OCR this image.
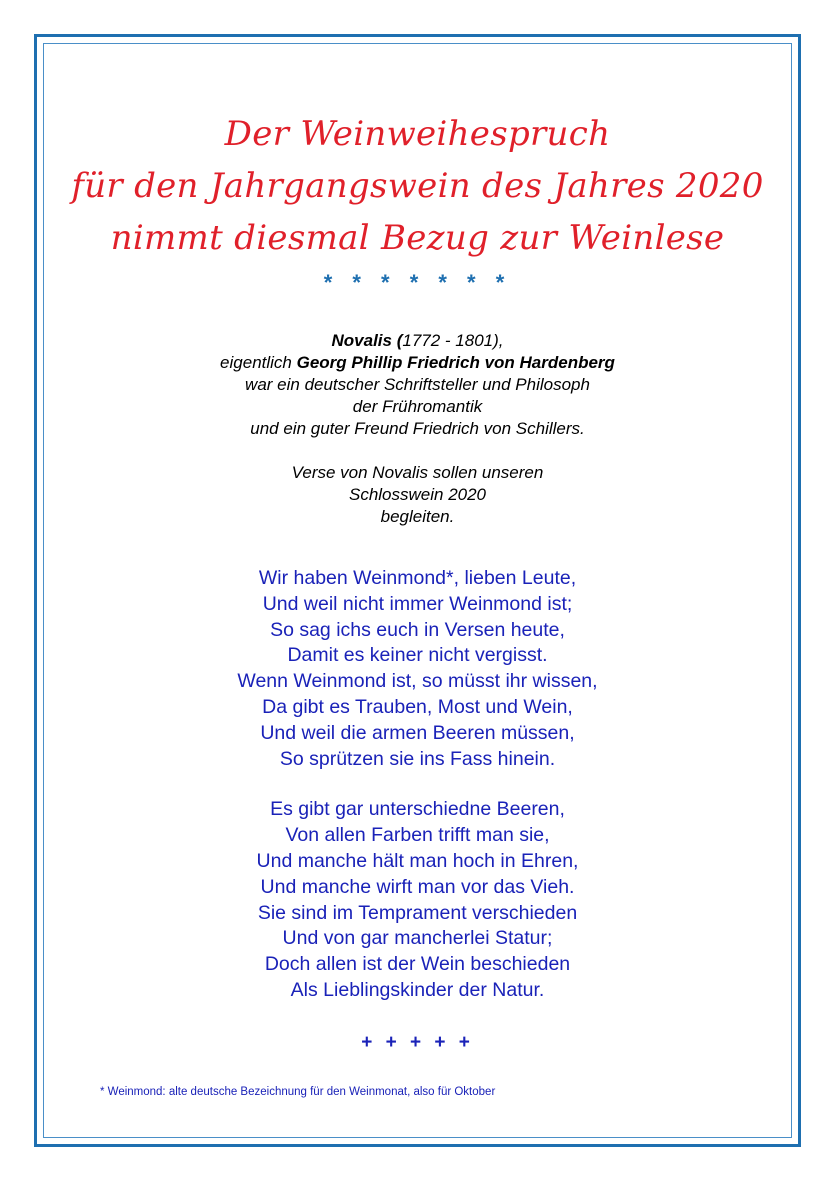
Der Weinweihespruch
für den Jahrgangswein des Jahres 2020
nimmt diesmal Bezug zur Weinlese
* * * * * * *
Novalis (1772 - 1801),
eigentlich Georg Phillip Friedrich von Hardenberg
war ein deutscher Schriftsteller und Philosoph
der Frühromantik
und ein guter Freund Friedrich von Schillers.
Verse von Novalis sollen unseren
Schlosswein 2020
begleiten.
Wir haben Weinmond*, lieben Leute,
Und weil nicht immer Weinmond ist;
So sag ichs euch in Versen heute,
Damit es keiner nicht vergisst.
Wenn Weinmond ist, so müsst ihr wissen,
Da gibt es Trauben, Most und Wein,
Und weil die armen Beeren müssen,
So sprützen sie ins Fass hinein.
Es gibt gar unterschiedne Beeren,
Von allen Farben trifft man sie,
Und manche hält man hoch in Ehren,
Und manche wirft man vor das Vieh.
Sie sind im Temprament verschieden
Und von gar mancherlei Statur;
Doch allen ist der Wein beschieden
Als Lieblingskinder der Natur.
+ + + + +
* Weinmond: alte deutsche Bezeichnung für den Weinmonat, also für Oktober
